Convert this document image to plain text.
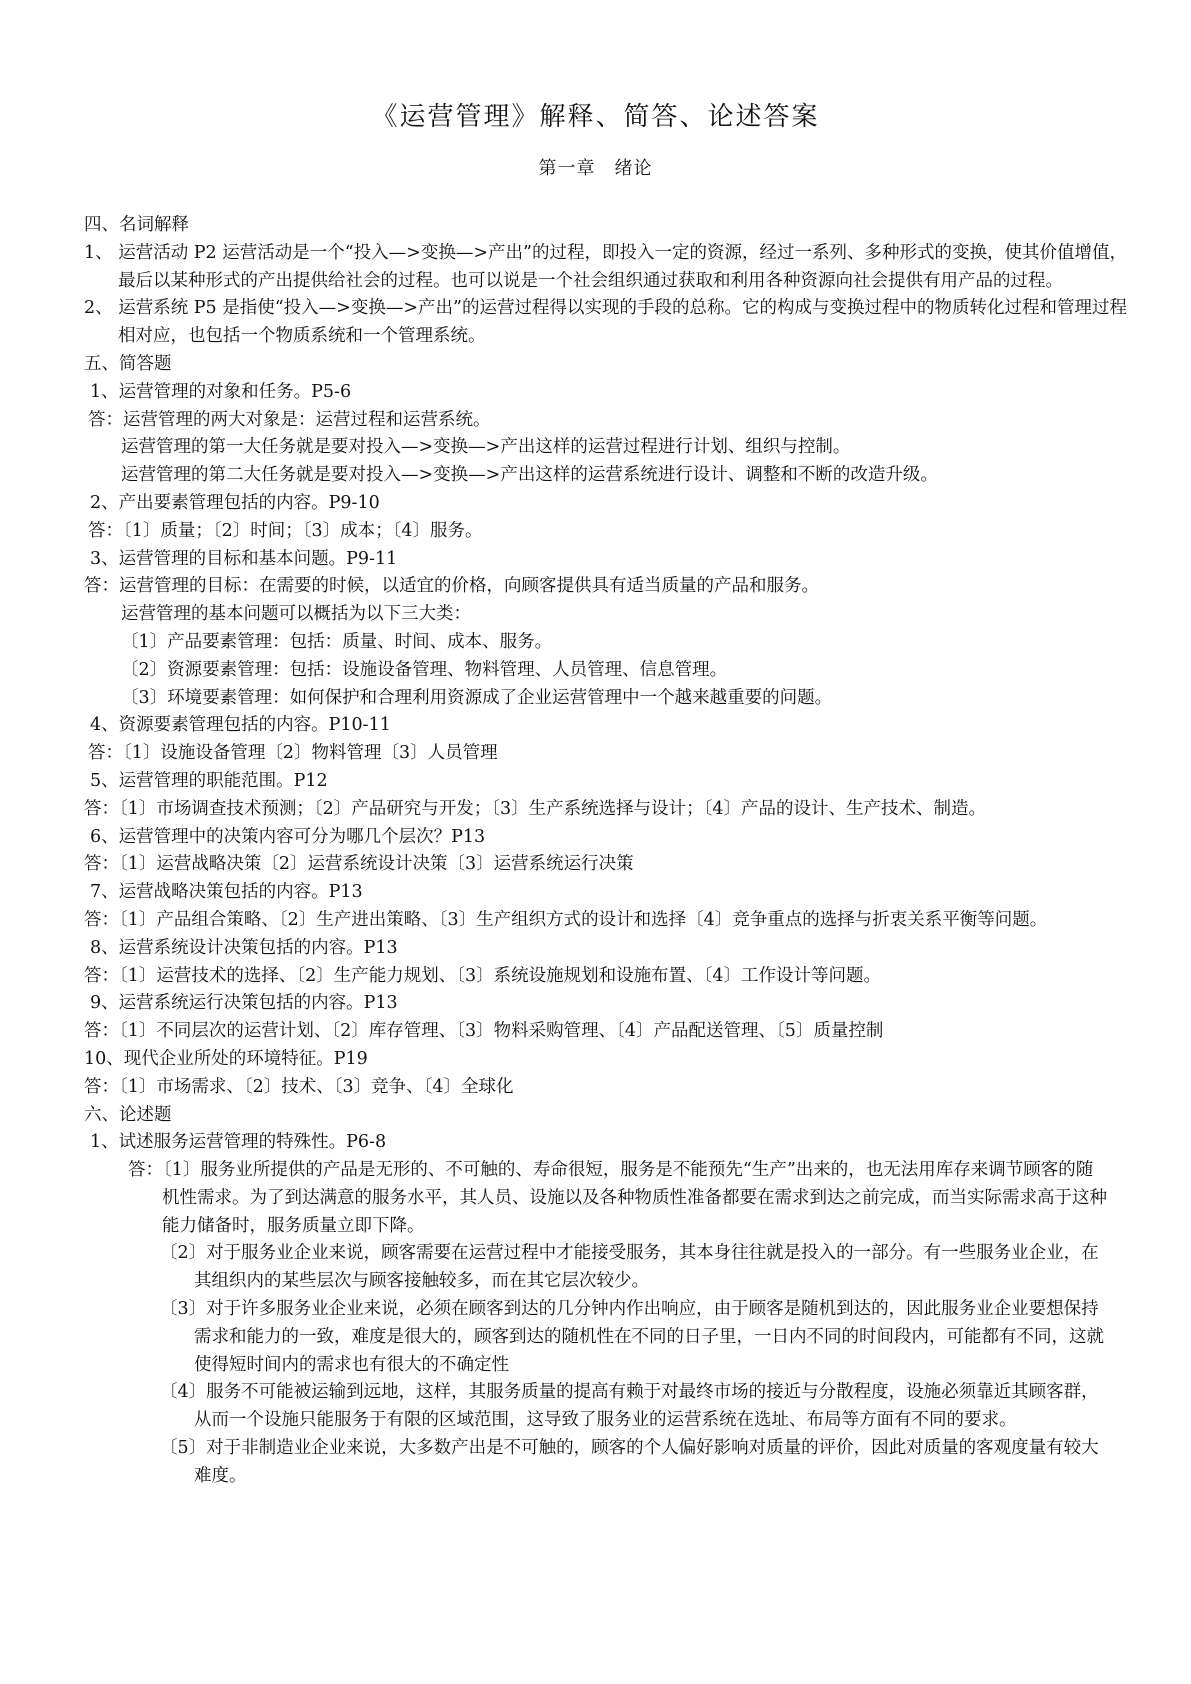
《运营管理》解释、简答、论述答案
第一章　绪论

四、名词解释

1、 运营活动 P2 运营活动是一个“投入—>变换—>产出”的过程，即投入一定的资源，经过一系列、多种形式的变换，使其价值增值，最后以某种形式的产出提供给社会的过程。也可以说是一个社会组织通过获取和利用各种资源向社会提供有用产品的过程。

2、 运营系统 P5 是指使“投入—>变换—>产出”的运营过程得以实现的手段的总称。它的构成与变换过程中的物质转化过程和管理过程相对应，也包括一个物质系统和一个管理系统。

五、简答题

1、运营管理的对象和任务。P5-6

答：运营管理的两大对象是：运营过程和运营系统。

运营管理的第一大任务就是要对投入—>变换—>产出这样的运营过程进行计划、组织与控制。

运营管理的第二大任务就是要对投入—>变换—>产出这样的运营系统进行设计、调整和不断的改造升级。

2、产出要素管理包括的内容。P9-10

答：〔1〕质量；〔2〕时间；〔3〕成本；〔4〕服务。

3、运营管理的目标和基本问题。P9-11

答：运营管理的目标：在需要的时候，以适宜的价格，向顾客提供具有适当质量的产品和服务。

运营管理的基本问题可以概括为以下三大类：

〔1〕产品要素管理：包括：质量、时间、成本、服务。

〔2〕资源要素管理：包括：设施设备管理、物料管理、人员管理、信息管理。

〔3〕环境要素管理：如何保护和合理利用资源成了企业运营管理中一个越来越重要的问题。

4、资源要素管理包括的内容。P10-11

答：〔1〕设施设备管理〔2〕物料管理〔3〕人员管理

5、运营管理的职能范围。P12

答：〔1〕市场调查技术预测；〔2〕产品研究与开发；〔3〕生产系统选择与设计；〔4〕产品的设计、生产技术、制造。

6、运营管理中的决策内容可分为哪几个层次？P13

答：〔1〕运营战略决策〔2〕运营系统设计决策〔3〕运营系统运行决策

7、运营战略决策包括的内容。P13

答：〔1〕产品组合策略、〔2〕生产进出策略、〔3〕生产组织方式的设计和选择〔4〕竞争重点的选择与折衷关系平衡等问题。

8、运营系统设计决策包括的内容。P13

答：〔1〕运营技术的选择、〔2〕生产能力规划、〔3〕系统设施规划和设施布置、〔4〕工作设计等问题。

9、运营系统运行决策包括的内容。P13

答：〔1〕不同层次的运营计划、〔2〕库存管理、〔3〕物料采购管理、〔4〕产品配送管理、〔5〕质量控制

10、现代企业所处的环境特征。P19

答：〔1〕市场需求、〔2〕技术、〔3〕竞争、〔4〕全球化

六、论述题

1、试述服务运营管理的特殊性。P6-8

答：〔1〕服务业所提供的产品是无形的、不可触的、寿命很短，服务是不能预先“生产”出来的，也无法用库存来调节顾客的随机性需求。为了到达满意的服务水平，其人员、设施以及各种物质性准备都要在需求到达之前完成，而当实际需求高于这种能力储备时，服务质量立即下降。

〔2〕对于服务业企业来说，顾客需要在运营过程中才能接受服务，其本身往往就是投入的一部分。有一些服务业企业，在其组织内的某些层次与顾客接触较多，而在其它层次较少。

〔3〕对于许多服务业企业来说，必须在顾客到达的几分钟内作出响应，由于顾客是随机到达的，因此服务业企业要想保持需求和能力的一致，难度是很大的，顾客到达的随机性在不同的日子里，一日内不同的时间段内，可能都有不同，这就使得短时间内的需求也有很大的不确定性

〔4〕服务不可能被运输到远地，这样，其服务质量的提高有赖于对最终市场的接近与分散程度，设施必须靠近其顾客群，从而一个设施只能服务于有限的区域范围，这导致了服务业的运营系统在选址、布局等方面有不同的要求。

〔5〕对于非制造业企业来说，大多数产出是不可触的，顾客的个人偏好影响对质量的评价，因此对质量的客观度量有较大难度。
